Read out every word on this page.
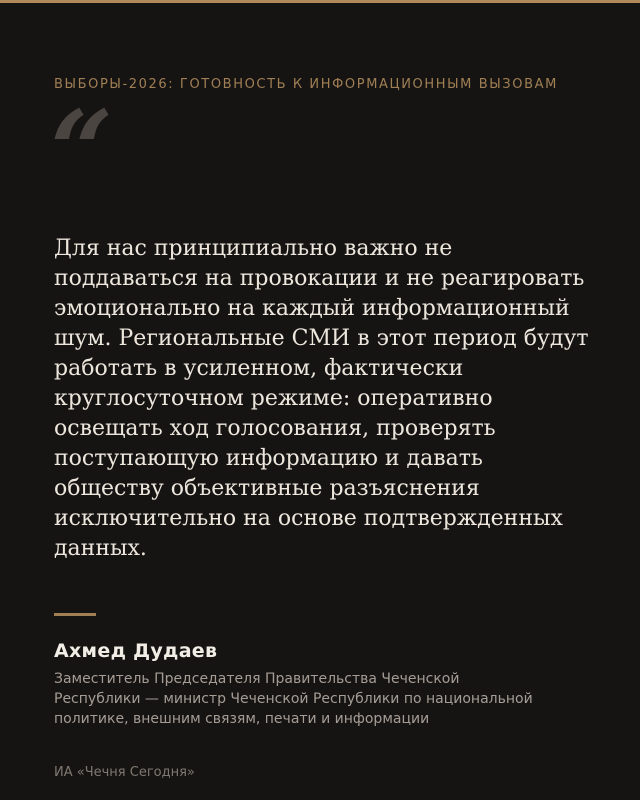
ВЫБОРЫ-2026: ГОТОВНОСТЬ К ИНФОРМАЦИОННЫМ ВЫЗОВАМ
“

Для нас принципиально важно не поддаваться на провокации и не реагировать эмоционально на каждый информационный шум. Региональные СМИ в этот период будут работать в усиленном, фактически круглосуточном режиме: оперативно освещать ход голосования, проверять поступающую информацию и давать обществу объективные разъяснения исключительно на основе подтвержденных данных.

Ахмед Дудаев

Заместитель Председателя Правительства Чеченской Республики — министр Чеченской Республики по национальной политике, внешним связям, печати и информации

ИА «Чечня Сегодня»
